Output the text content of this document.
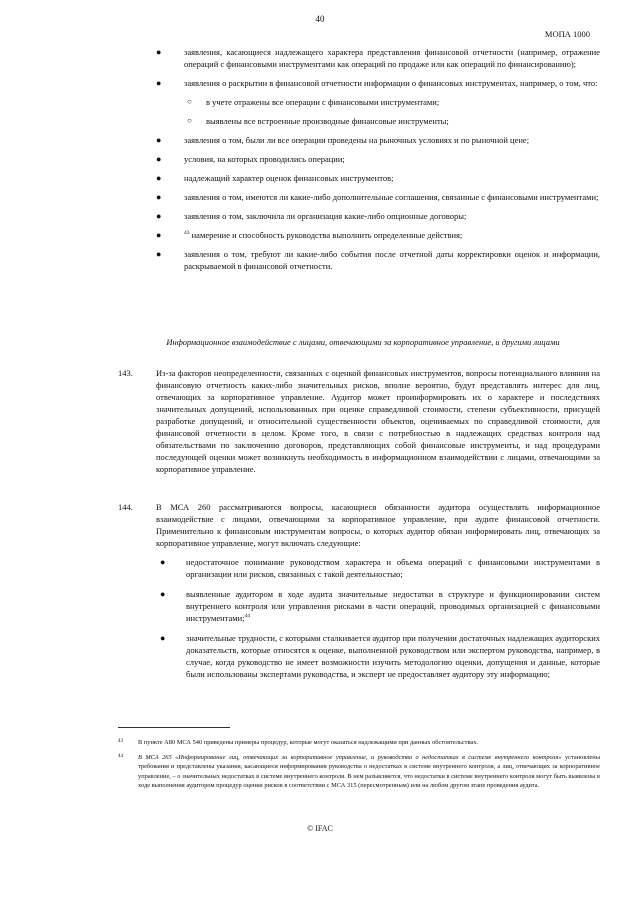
40
МОПА 1000
●	заявления, касающиеся надлежащего характера представления финансовой отчетности (например, отражение операций с финансовыми инструментами как операций по продаже или как операций по финансированию);
●	заявления о раскрытии в финансовой отчетности информации о финансовых инструментах, например, о том, что:
○ в учете отражены все операции с финансовыми инструментами;
○ выявлены все встроенные производные финансовые инструменты;
●	заявления о том, были ли все операции проведены на рыночных условиях и по рыночной цене;
●	условия, на которых проводились операции;
●	надлежащий характер оценок финансовых инструментов;
●	заявления о том, имеются ли какие-либо дополнительные соглашения, связанные с финансовыми инструментами;
●	заявления о том, заключила ли организация какие-либо опционные договоры;
●	$^{43}$ намерение и способность руководства выполнить определенные действия;
●	заявления о том, требуют ли какие-либо события после отчетной даты корректировки оценок и информации, раскрываемой в финансовой отчетности.
Информационное взаимодействие с лицами, отвечающими за корпоративное управление, и другими лицами
143.	Из-за факторов неопределенности, связанных с оценкой финансовых инструментов, вопросы потенциального влияния на финансовую отчетность каких-либо значительных рисков, вполне вероятно, будут представлять интерес для лиц, отвечающих за корпоративное управление. Аудитор может проинформировать их о характере и последствиях значительных допущений, использованных при оценке справедливой стоимости, степени субъективности, присущей разработке допущений, и относительной существенности объектов, оцениваемых по справедливой стоимости, для финансовой отчетности в целом. Кроме того, в связи с потребностью в надлежащих средствах контроля над обязательствами по заключению договоров, представляющих собой финансовые инструменты, и над процедурами последующей оценки может возникнуть необходимость в информационном взаимодействии с лицами, отвечающими за корпоративное управление.
144.	В МСА 260 рассматриваются вопросы, касающиеся обязанности аудитора осуществлять информационное взаимодействие с лицами, отвечающими за корпоративное управление, при аудите финансовой отчетности. Применительно к финансовым инструментам вопросы, о которых аудитор обязан информировать лиц, отвечающих за корпоративное управление, могут включать следующие:
● недостаточное понимание руководством характера и объема операций с финансовыми инструментами в организации или рисков, связанных с такой деятельностью;
● выявленные аудитором в ходе аудита значительные недостатки в структуре и функционировании систем внутреннего контроля или управления рисками в части операций, проводимых организацией с финансовыми инструментами;$^{44}$
● значительные трудности, с которыми сталкивается аудитор при получении достаточных надлежащих аудиторских доказательств, которые относятся к оценке, выполненной руководством или экспертом руководства, например, в случае, когда руководство не имеет возможности изучить методологию оценки, допущения и данные, которые были использованы экспертами руководства, и эксперт не предоставляет аудитору эту информацию;
43 В пункте A80 МСА 540 приведены примеры процедур, которые могут оказаться надлежащими при данных обстоятельствах.
44 В МСА 265 «Информирование лиц, отвечающих за корпоративное управление, и руководства о недостатках в системе внутреннего контроля» установлены требования и представлены указания, касающиеся информирования руководства о недостатках в системе внутреннего контроля, а лиц, отвечающих за корпоративное управление, – о значительных недостатках в системе внутреннего контроля. В нем разъясняется, что недостатки в системе внутреннего контроля могут быть выявлены в ходе выполнения аудитором процедур оценки рисков в соответствии с МСА 315 (пересмотренным) или на любом другом этапе проведения аудита.
© IFAC
